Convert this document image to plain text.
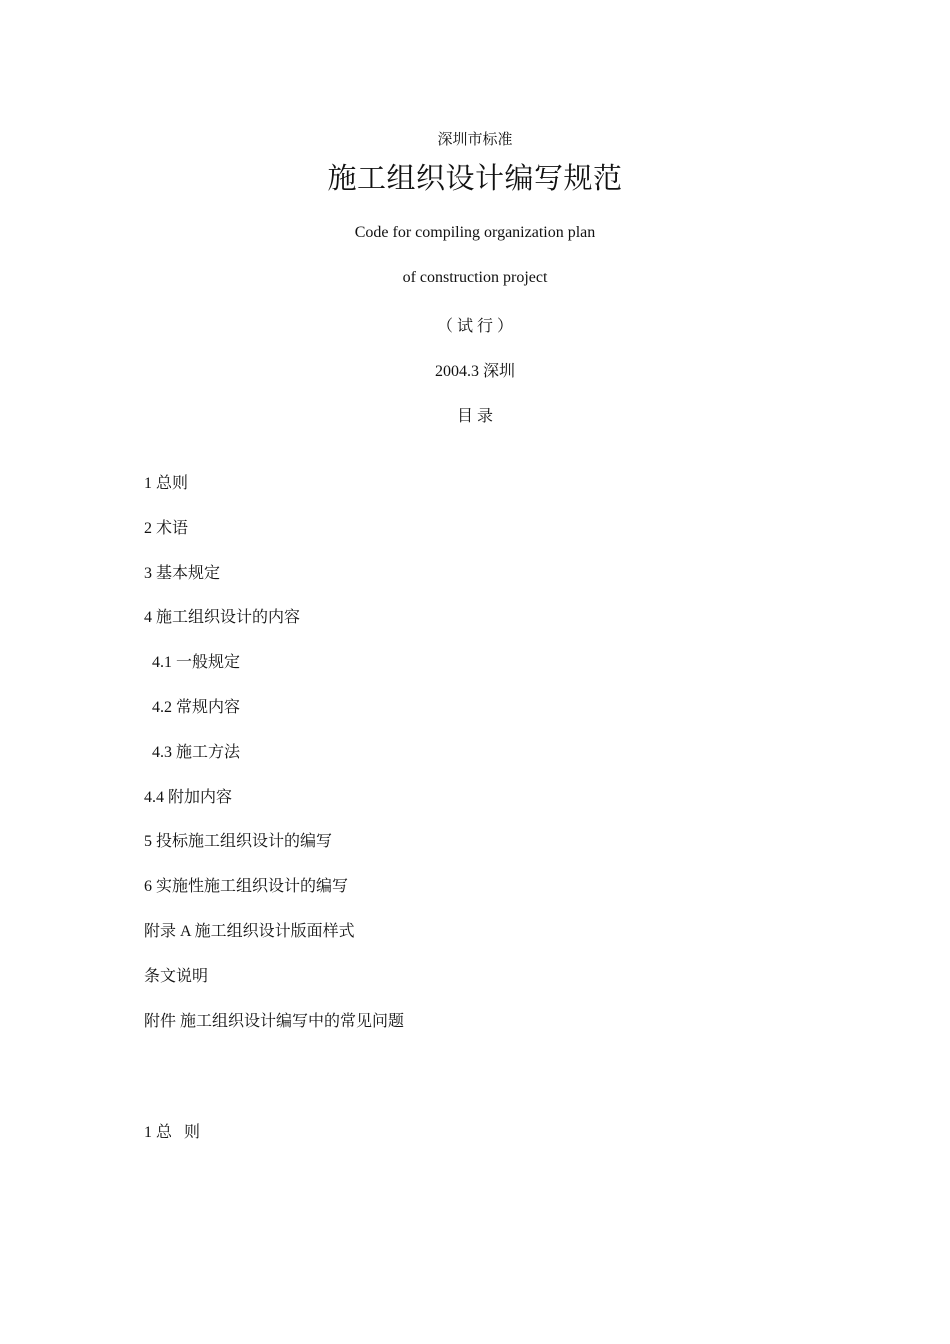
深圳市标准
施工组织设计编写规范
Code for compiling organization plan
of construction project
（ 试 行 ）
2004.3 深圳
目 录
1 总则
2 术语
3 基本规定
4 施工组织设计的内容
4.1 一般规定
4.2 常规内容
4.3 施工方法
4.4 附加内容
5 投标施工组织设计的编写
6 实施性施工组织设计的编写
附录 A 施工组织设计版面样式
条文说明
附件 施工组织设计编写中的常见问题
1 总   则
